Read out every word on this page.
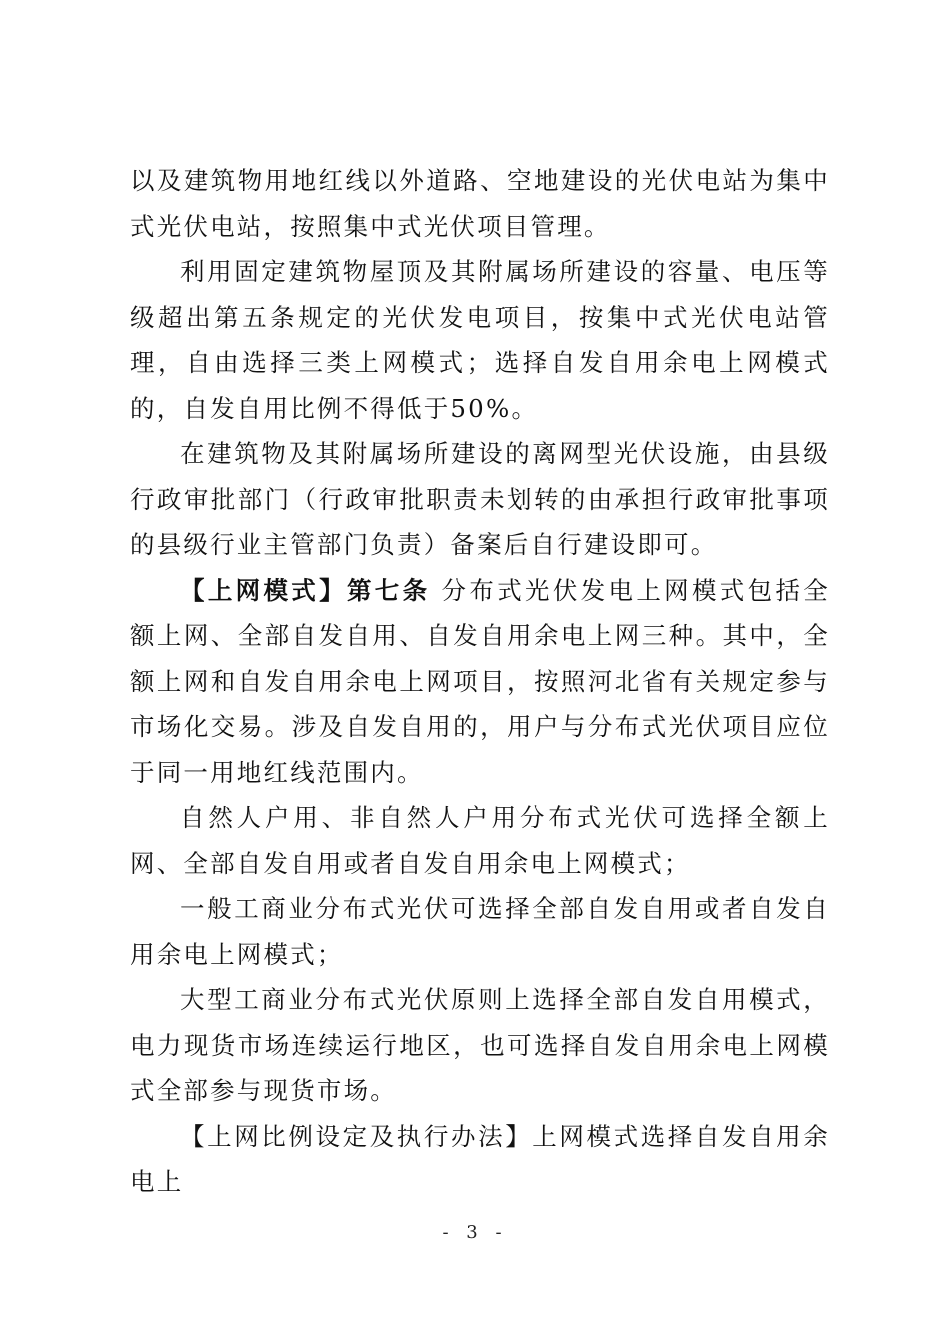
以及建筑物用地红线以外道路、空地建设的光伏电站为集中式光伏电站，按照集中式光伏项目管理。

利用固定建筑物屋顶及其附属场所建设的容量、电压等级超出第五条规定的光伏发电项目，按集中式光伏电站管理，自由选择三类上网模式；选择自发自用余电上网模式的，自发自用比例不得低于50%。

在建筑物及其附属场所建设的离网型光伏设施，由县级行政审批部门（行政审批职责未划转的由承担行政审批事项的县级行业主管部门负责）备案后自行建设即可。

【上网模式】第七条 分布式光伏发电上网模式包括全额上网、全部自发自用、自发自用余电上网三种。其中，全额上网和自发自用余电上网项目，按照河北省有关规定参与市场化交易。涉及自发自用的，用户与分布式光伏项目应位于同一用地红线范围内。

自然人户用、非自然人户用分布式光伏可选择全额上网、全部自发自用或者自发自用余电上网模式；

一般工商业分布式光伏可选择全部自发自用或者自发自用余电上网模式；

大型工商业分布式光伏原则上选择全部自发自用模式，电力现货市场连续运行地区，也可选择自发自用余电上网模式全部参与现货市场。

【上网比例设定及执行办法】上网模式选择自发自用余电上

- 3 -
